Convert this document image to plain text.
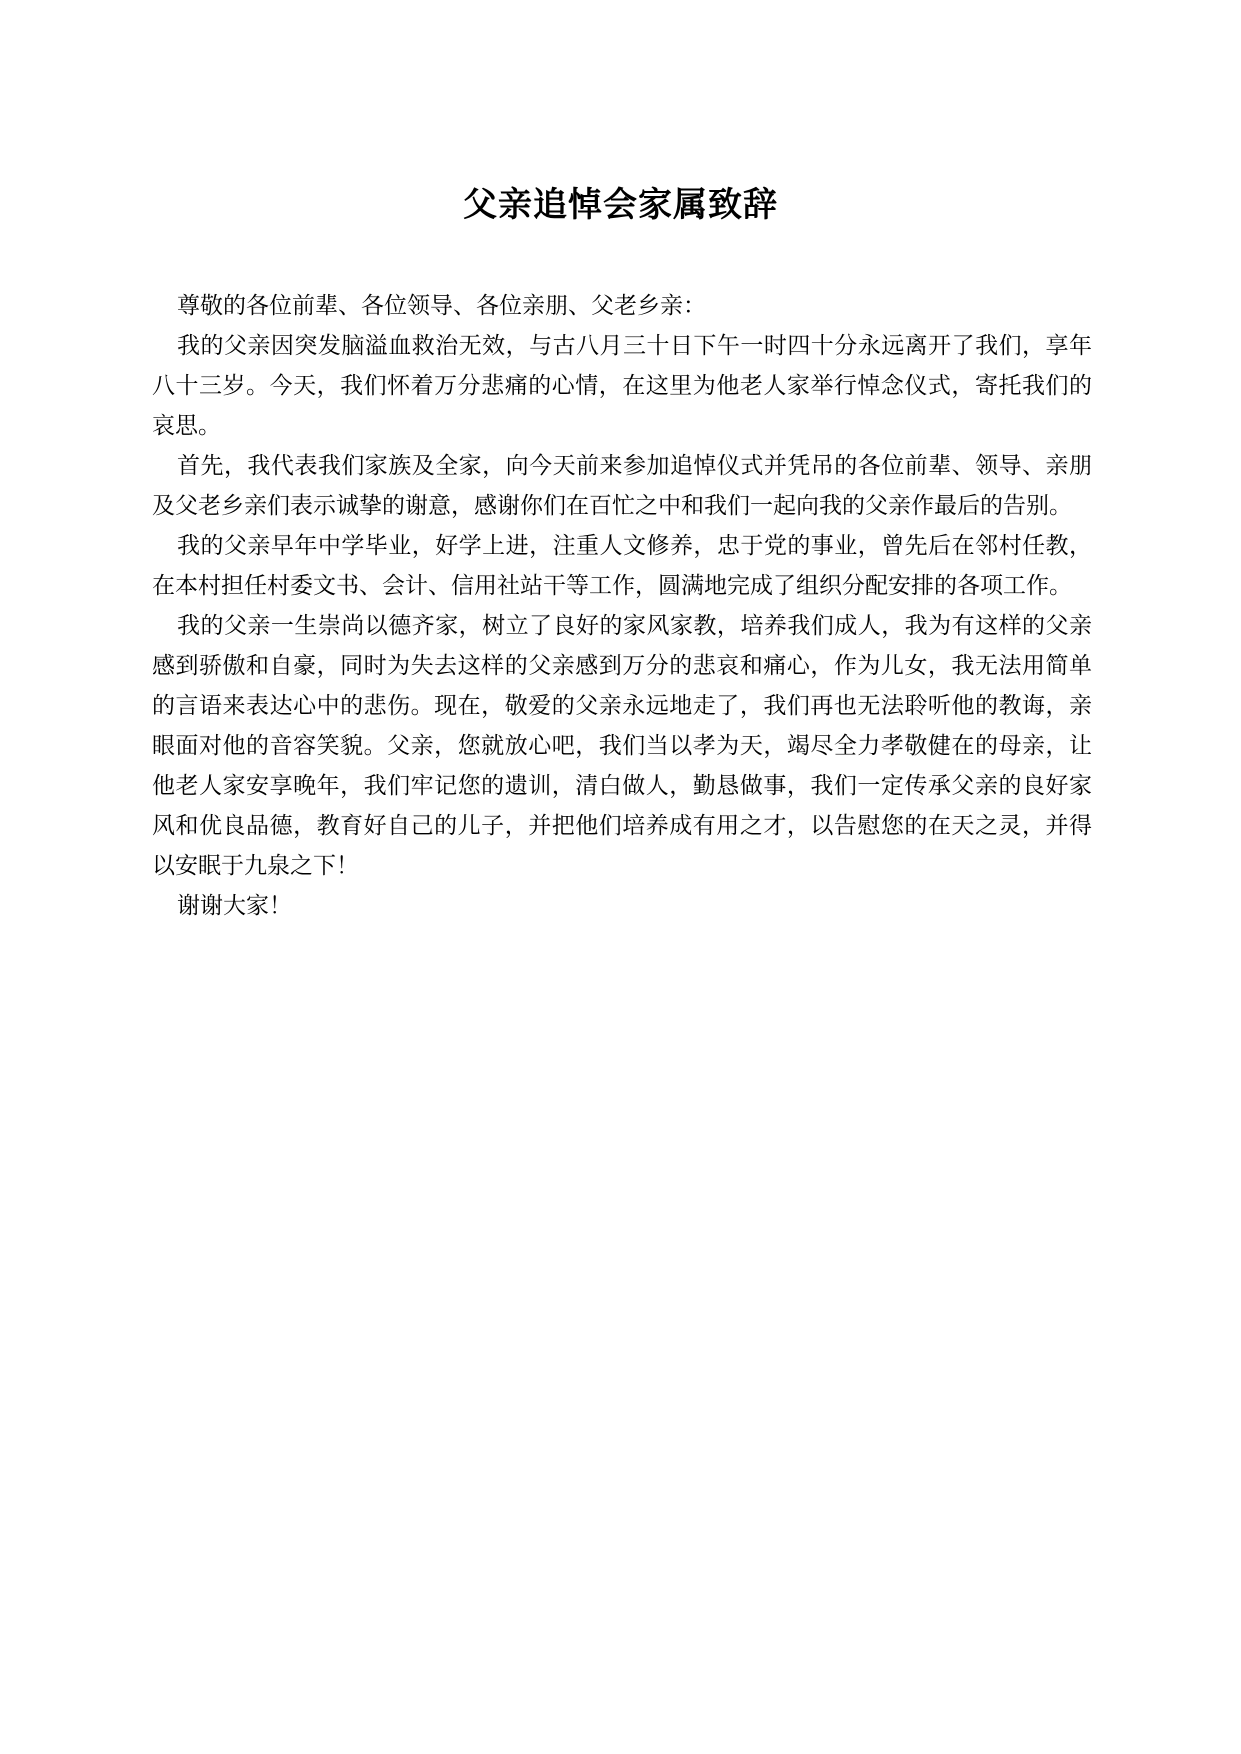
父亲追悼会家属致辞

尊敬的各位前辈、各位领导、各位亲朋、父老乡亲：

我的父亲因突发脑溢血救治无效，与古八月三十日下午一时四十分永远离开了我们，享年八十三岁。今天，我们怀着万分悲痛的心情，在这里为他老人家举行悼念仪式，寄托我们的哀思。

首先，我代表我们家族及全家，向今天前来参加追悼仪式并凭吊的各位前辈、领导、亲朋及父老乡亲们表示诚挚的谢意，感谢你们在百忙之中和我们一起向我的父亲作最后的告别。

我的父亲早年中学毕业，好学上进，注重人文修养，忠于党的事业，曾先后在邻村任教，在本村担任村委文书、会计、信用社站干等工作，圆满地完成了组织分配安排的各项工作。

我的父亲一生崇尚以德齐家，树立了良好的家风家教，培养我们成人，我为有这样的父亲感到骄傲和自豪，同时为失去这样的父亲感到万分的悲哀和痛心，作为儿女，我无法用简单的言语来表达心中的悲伤。现在，敬爱的父亲永远地走了，我们再也无法聆听他的教诲，亲眼面对他的音容笑貌。父亲，您就放心吧，我们当以孝为天，竭尽全力孝敬健在的母亲，让他老人家安享晚年，我们牢记您的遗训，清白做人，勤恳做事，我们一定传承父亲的良好家风和优良品德，教育好自己的儿子，并把他们培养成有用之才，以告慰您的在天之灵，并得以安眠于九泉之下！

谢谢大家！
